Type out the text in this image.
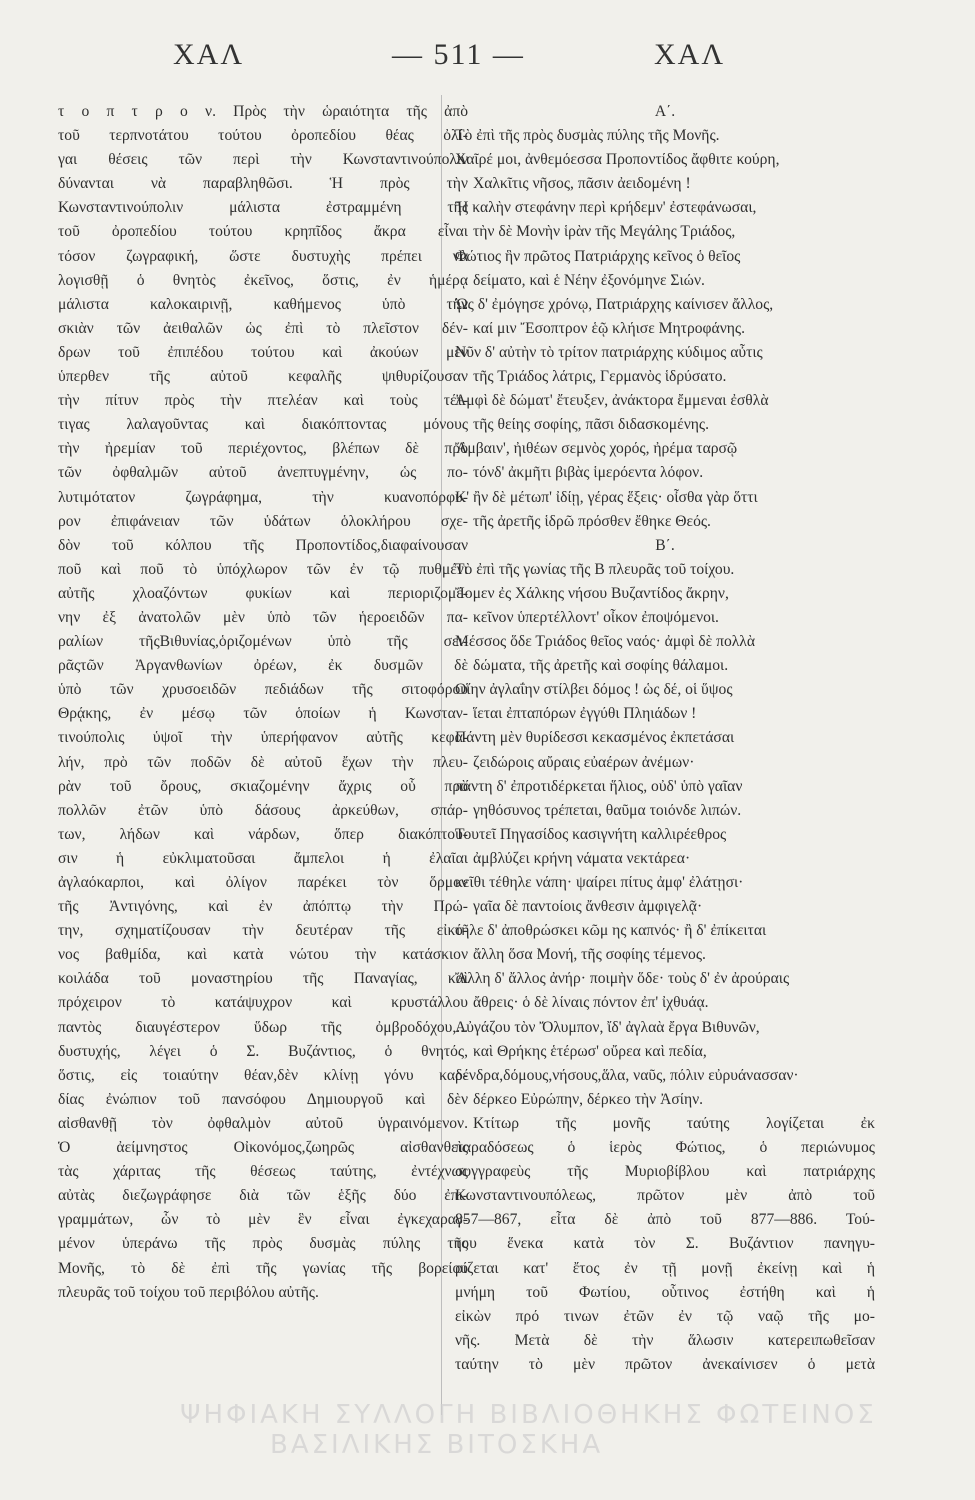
ΧΑΛ	— 511 —	ΧΑΛ
τ ο π τ ρ ο ν. Πρὸς τὴν ὡραιότητα τῆς ἀπὸ
τοῦ τερπνοτάτου τούτου ὀροπεδίου θέας ὀλί-
γαι θέσεις τῶν περὶ τὴν Κωνσταντινούπολιν
δύνανται νὰ παραβληθῶσι. Ἡ πρὸς τὴν
Κωνσταντινούπολιν μάλιστα ἐστραμμένη τῆς
τοῦ ὀροπεδίου τούτου κρηπῖδος ἄκρα εἶναι
τόσον ζωγραφική, ὥστε δυστυχὴς πρέπει νὰ
λογισθῇ ὁ θνητὸς ἐκεῖνος, ὅστις, ἐν ἡμέρᾳ
μάλιστα καλοκαιρινῇ, καθήμενος ὑπὸ τὴν
σκιὰν τῶν ἀειθαλῶν ὡς ἐπὶ τὸ πλεῖστον δέν-
δρων τοῦ ἐπιπέδου τούτου καὶ ἀκούων μὲν
ὑπερθεν τῆς αὐτοῦ κεφαλῆς ψιθυρίζουσαν
τὴν πίτυν πρὸς τὴν πτελέαν καὶ τοὺς τέτ-
τιγας λαλαγοῦντας καὶ διακόπτοντας μόνους
τὴν ἠρεμίαν τοῦ περιέχοντος, βλέπων δὲ πρὸ
τῶν ὀφθαλμῶν αὐτοῦ ἀνεπτυγμένην, ὡς πο-
λυτιμότατον ζωγράφημα, τὴν κυανοπόρφυ-
ρον ἐπιφάνειαν τῶν ὑδάτων ὁλοκλήρου σχε-
δὸν τοῦ κόλπου τῆς Προποντίδος,διαφαίνουσαν
ποῦ καὶ ποῦ τὸ ὑπόχλωρον τῶν ἐν τῷ πυθμένι
αὐτῆς χλοαζόντων φυκίων καὶ περιοριζομέ-
νην ἐξ ἀνατολῶν μὲν ὑπὸ τῶν ἡεροειδῶν πα-
ραλίων τῆςΒιθυνίας,ὁριζομένων ὑπὸ τῆς σει-
ρᾶςτῶν Ἀργανθωνίων ὀρέων, ἐκ δυσμῶν δὲ
ὑπὸ τῶν χρυσοειδῶν πεδιάδων τῆς σιτοφόρου
Θρᾴκης, ἐν μέσῳ τῶν ὁποίων ἡ Κωνσταν-
τινούπολις ὑψοῖ τὴν ὑπερήφανον αὐτῆς κεφα-
λήν, πρὸ τῶν ποδῶν δὲ αὐτοῦ ἔχων τὴν πλευ-
ρὰν τοῦ ὄρους, σκιαζομένην ἄχρις οὗ πρὸ
πολλῶν ἐτῶν ὑπὸ δάσους ἀρκεύθων, σπάρ-
των, λήδων καὶ νάρδων, ὅπερ διακόπτου-
σιν ἡ εὐκλιματοῦσαι ἄμπελοι ἡ ἐλαῖαι
ἀγλαόκαρποι, καὶ ὀλίγον παρέκει τὸν ὅρμον
τῆς Ἀντιγόνης, καὶ ἐν ἀπόπτῳ τὴν Πρώ-
την, σχηματίζουσαν τὴν δευτέραν τῆς εἰκό-
νος βαθμίδα, καὶ κατὰ νώτου τὴν κατάσκιον
κοιλάδα τοῦ μοναστηρίου τῆς Παναγίας, καὶ
πρόχειρον τὸ κατάψυχρον καὶ κρυστάλλου
παντὸς διαυγέστερον ὕδωρ τῆς ὀμβροδόχου,...
δυστυχής, λέγει ὁ Σ. Βυζάντιος, ὁ θνητός,
ὅστις, εἰς τοιαύτην θέαν,δὲν κλίνῃ γόνυ καρ-
δίας ἐνώπιον τοῦ πανσόφου Δημιουργοῦ καὶ δὲν
αἰσθανθῇ τὸν ὀφθαλμὸν αὐτοῦ ὑγραινόμενον.
Ὁ ἀείμνηστος Οἰκονόμος,ζωηρῶς αἰσθανθεὶς
τὰς χάριτας τῆς θέσεως ταύτης, ἐντέχνως
αὐτὰς διεζωγράφησε διὰ τῶν ἑξῆς δύο ἐπι-
γραμμάτων, ὧν τὸ μὲν ἓν εἶναι ἐγκεχαραγ-
μένον ὑπεράνω τῆς πρὸς δυσμὰς πύλης τῆς
Μονῆς, τὸ δὲ ἐπὶ τῆς γωνίας τῆς βορείου
πλευρᾶς τοῦ τοίχου τοῦ περιβόλου αὐτῆς.
Α΄.
Τὸ ἐπὶ τῆς πρὸς δυσμὰς πύλης τῆς Μονῆς.
Χαῖρέ μοι, ἀνθεμόεσσα Προποντίδος ἄφθιτε κούρη,
Χαλκῖτις νῆσος, πᾶσιν ἀειδομένη !
Ἡ καλὴν στεφάνην περὶ κρήδεμν' ἐστεφάνωσαι,
τὴν δὲ Μονὴν ἱρὰν τῆς Μεγάλης Τριάδος,
Φώτιος ἣν πρῶτος Πατριάρχης κεῖνος ὁ θεῖος
δείματο, καὶ ἑ Νέην ἐξονόμηνε Σιών.
Ὡς δ' ἐμόγησε χρόνῳ, Πατριάρχης καίνισεν ἄλλος,
καί μιν Ἔσοπτρον ἑῷ κλήισε Μητροφάνης.
Νῦν δ' αὐτὴν τὸ τρίτον πατριάρχης κύδιμος αὖτις
τῆς Τριάδος λάτρις, Γερμανὸς ἱδρύσατο.
Ἀμφὶ δὲ δώματ' ἔτευξεν, ἀνάκτορα ἔμμεναι ἐσθλὰ
τῆς θείης σοφίης, πᾶσι διδασκομένης.
Ἄμβαιν', ἠιθέων σεμνὸς χορός, ἠρέμα ταρσῷ
τόνδ' ἀκμῆτι βιβὰς ἱμερόεντα λόφον.
Κ' ἢν δὲ μέτωπ' ἰδίῃ, γέρας ἕξεις· οἶσθα γὰρ ὅττι
τῆς ἀρετῆς ἱδρῶ πρόσθεν ἔθηκε Θεός.
Β΄.
Τὸ ἐπὶ τῆς γωνίας τῆς Β πλευρᾶς τοῦ τοίχου.
Ἴομεν ἐς Χάλκης νήσου Βυζαντίδος ἄκρην,
κεῖνον ὑπερτέλλοντ' οἶκον ἐποψόμενοι.
Μέσσος ὅδε Τριάδος θεῖος ναός· ἀμφὶ δὲ πολλὰ
δώματα, τῆς ἀρετῆς καὶ σοφίης θάλαμοι.
Οἵην ἀγλαΐην στίλβει δόμος ! ὡς δέ, οἱ ὕψος
ἵεται ἐπταπόρων ἐγγύθι Πληιάδων !
Πάντη μὲν θυρίδεσσι κεκασμένος ἐκπετάσαι
ζειδώροις αὔραις εὐαέρων ἀνέμων·
πάντη δ' ἐπροτιδέρκεται ἥλιος, οὐδ' ὑπὸ γαῖαν
γηθόσυνος τρέπεται, θαῦμα τοιόνδε λιπών.
Τουτεῖ Πηγασίδος κασιγνήτη καλλιρέεθρος
ἀμβλύζει κρήνη νάματα νεκτάρεα·
κεῖθι τέθηλε νάπη· ψαίρει πίτυς ἀμφ' ἐλάτῃσι·
γαῖα δὲ παντοίοις ἄνθεσιν ἀμφιγελᾷ·
τῆλε δ' ἀποθρώσκει κῶμ ης καπνός· ἢ δ' ἐπίκειται
ἄλλη ὅσα Μονή, τῆς σοφίης τέμενος.
Ἄλλη δ' ἄλλος ἀνήρ· ποιμὴν ὅδε· τοὺς δ' ἐν ἀρούραις
ἄθρεις· ὁ δὲ λίναις πόντον ἐπ' ἰχθυάᾳ.
Αὐγάζου τὸν Ὄλυμπον, ἴδ' ἀγλαὰ ἔργα Βιθυνῶν,
καὶ Θρήκης ἑτέρωσ' οὔρεα καὶ πεδία,
δένδρα,δόμους,νήσους,ἅλα, ναῦς, πόλιν εὐρυάνασσαν·
δέρκεο Εὐρώπην, δέρκεο τὴν Ἀσίην.
Κτίτωρ τῆς μονῆς ταύτης λογίζεται ἐκ
παραδόσεως ὁ ἱερὸς Φώτιος, ὁ περιώνυμος
συγγραφεὺς τῆς Μυριοβίβλου καὶ πατριάρχης
Κωνσταντινουπόλεως, πρῶτον μὲν ἀπὸ τοῦ
857—867, εἶτα δὲ ἀπὸ τοῦ 877—886. Τού-
του ἕνεκα κατὰ τὸν Σ. Βυζάντιον πανηγυ-
ρίζεται κατ' ἔτος ἐν τῇ μονῇ ἐκείνῃ καὶ ἡ
μνήμη τοῦ Φωτίου, οὗτινος ἐστήθη καὶ ἡ
εἰκὼν πρό τινων ἐτῶν ἐν τῷ ναῷ τῆς μο-
νῆς. Μετὰ δὲ τὴν ἅλωσιν κατερειπωθεῖσαν
ταύτην τὸ μὲν πρῶτον ἀνεκαίνισεν ὁ μετὰ
ΨΗΦΙΑΚΗ ΣΥΛΛΟΓΗ ΒΙΒΛΙΟΘΗΚΗΣ ΦΩΤΕΙΝΟΣ
ΒΑΣΙΛΙΚΗΣ ΒΙΤΟΣΚΗΑ
